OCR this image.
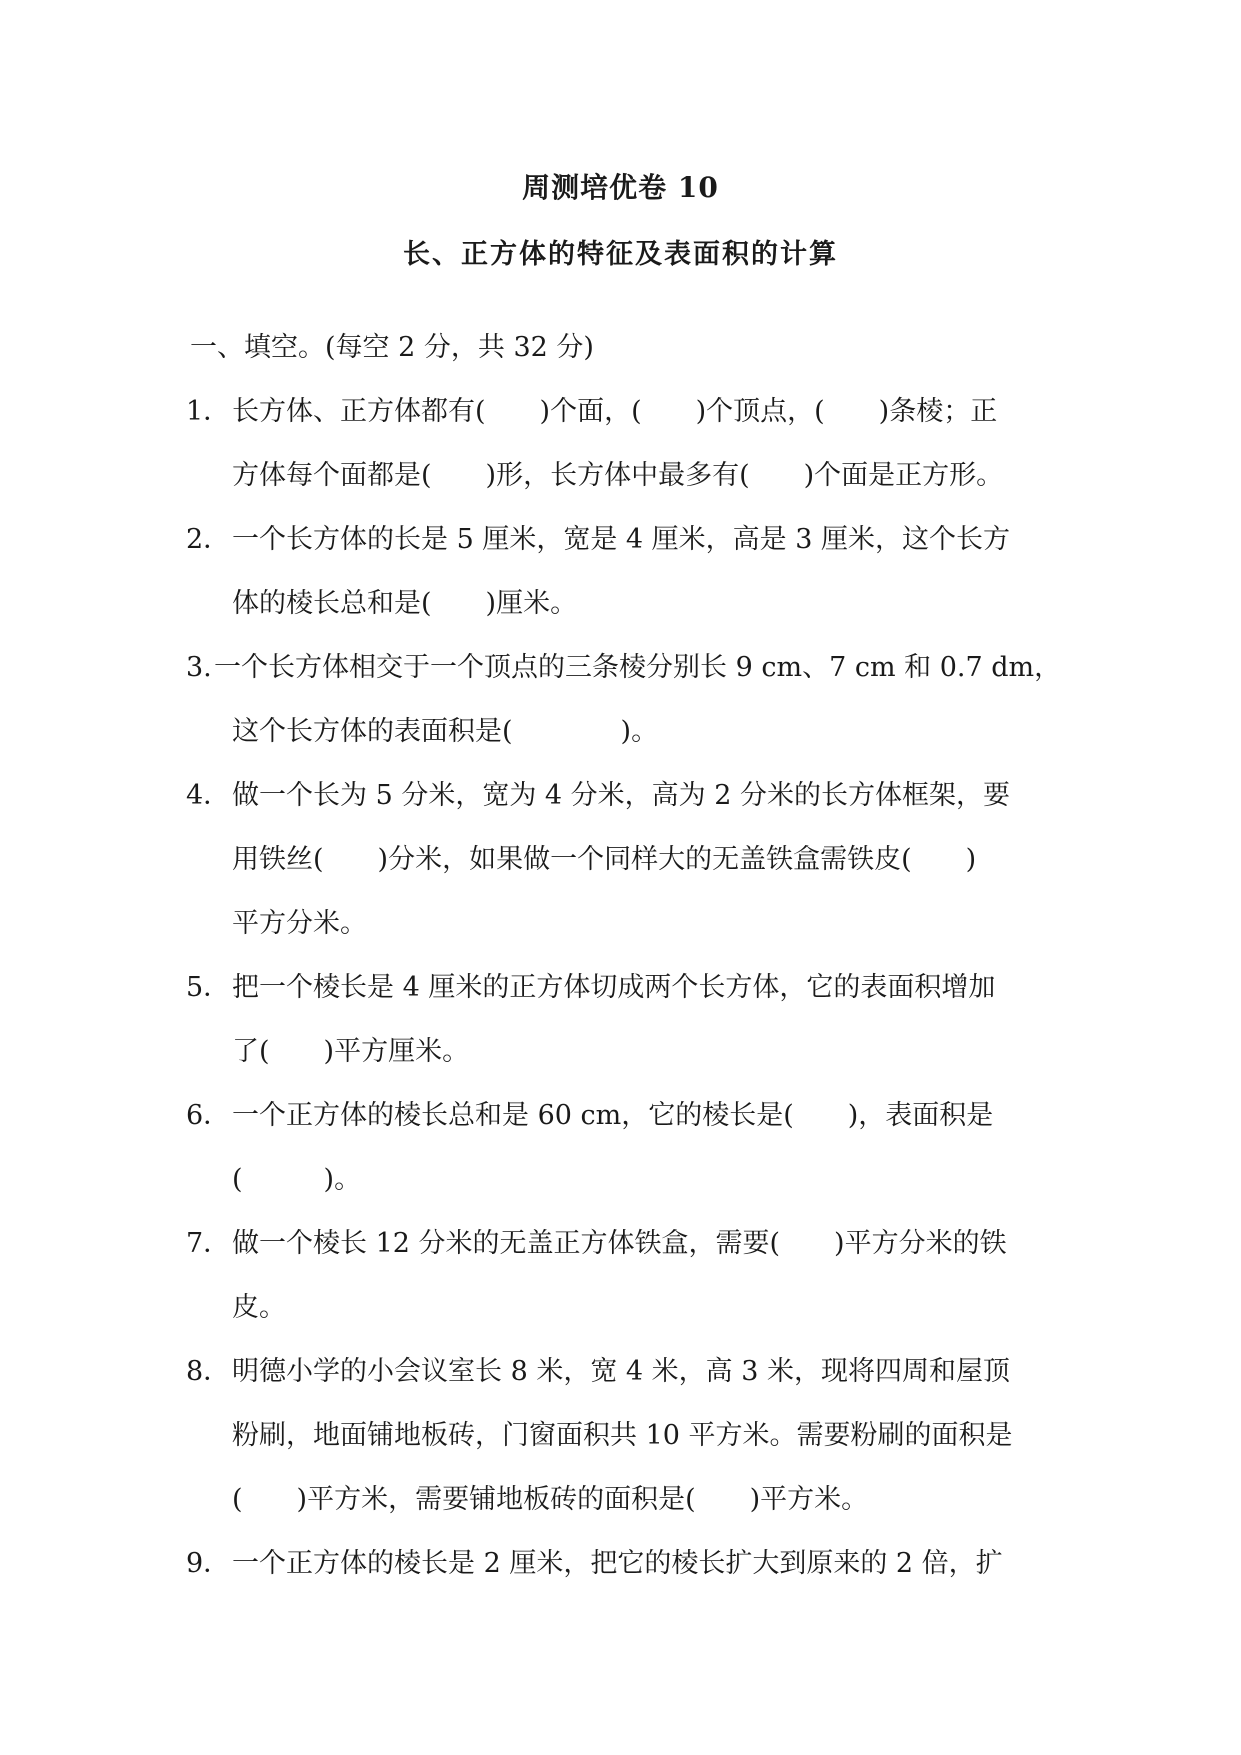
周测培优卷 10
长、正方体的特征及表面积的计算
一、填空。(每空 2 分，共 32 分)
1． 长方体、正方体都有(　　)个面，(　　)个顶点，(　　)条棱；正
方体每个面都是(　　)形，长方体中最多有(　　)个面是正方形。
2． 一个长方体的长是 5 厘米，宽是 4 厘米，高是 3 厘米，这个长方
体的棱长总和是(　　)厘米。
3. 一个长方体相交于一个顶点的三条棱分别长 9 cm、7 cm 和 0.7 dm，
这个长方体的表面积是(　　　　)。
4． 做一个长为 5 分米，宽为 4 分米，高为 2 分米的长方体框架，要
用铁丝(　　)分米，如果做一个同样大的无盖铁盒需铁皮(　　)
平方分米。
5． 把一个棱长是 4 厘米的正方体切成两个长方体，它的表面积增加
了(　　)平方厘米。
6． 一个正方体的棱长总和是 60 cm，它的棱长是(　　)，表面积是
(　　　)。
7． 做一个棱长 12 分米的无盖正方体铁盒，需要(　　)平方分米的铁
皮。
8． 明德小学的小会议室长 8 米，宽 4 米，高 3 米，现将四周和屋顶
粉刷，地面铺地板砖，门窗面积共 10 平方米。需要粉刷的面积是
(　　)平方米，需要铺地板砖的面积是(　　)平方米。
9． 一个正方体的棱长是 2 厘米，把它的棱长扩大到原来的 2 倍，扩
